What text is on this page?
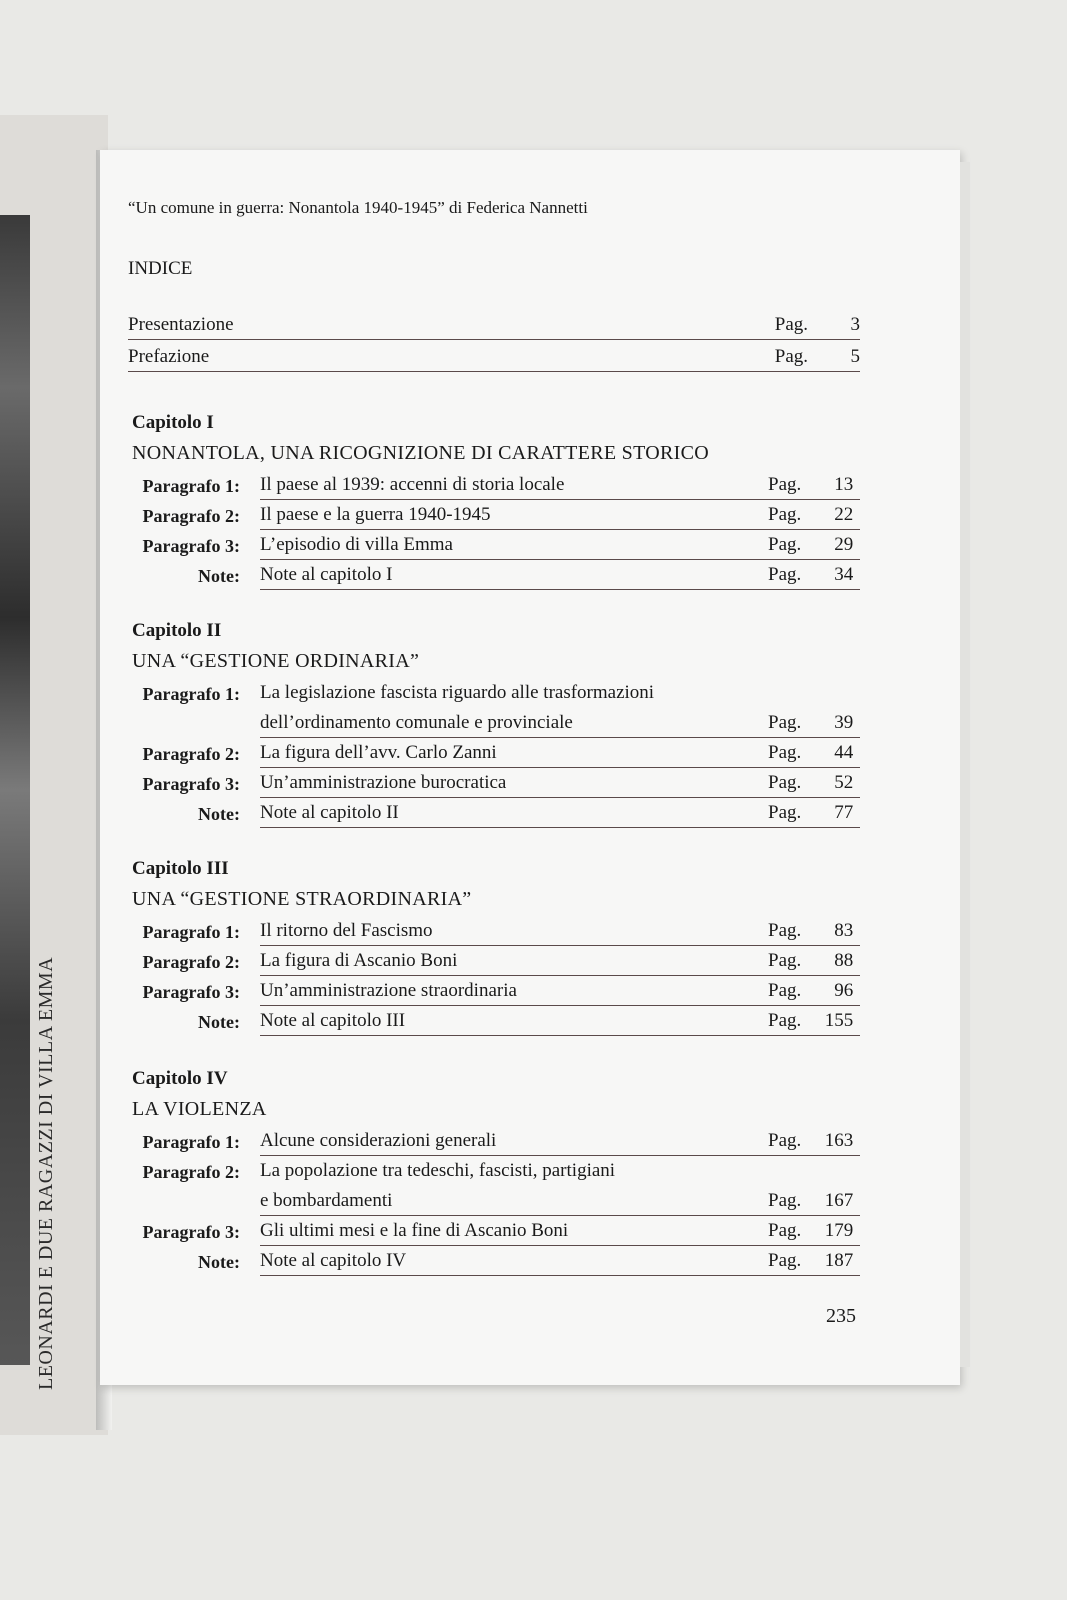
LEONARDI E DUE RAGAZZI DI VILLA EMMA
“Un comune in guerra: Nonantola 1940-1945” di Federica Nannetti
INDICE
Presentazione	Pag. 3
Prefazione	Pag. 5
Capitolo I
NONANTOLA, UNA RICOGNIZIONE DI CARATTERE STORICO
Paragrafo 1: Il paese al 1939: accenni di storia locale	Pag. 13
Paragrafo 2: Il paese e la guerra 1940-1945	Pag. 22
Paragrafo 3: L’episodio di villa Emma	Pag. 29
Note: Note al capitolo I	Pag. 34
Capitolo II
UNA “GESTIONE ORDINARIA”
Paragrafo 1: La legislazione fascista riguardo alle trasformazioni
dell’ordinamento comunale e provinciale	Pag. 39
Paragrafo 2: La figura dell’avv. Carlo Zanni	Pag. 44
Paragrafo 3: Un’amministrazione burocratica	Pag. 52
Note: Note al capitolo II	Pag. 77
Capitolo III
UNA “GESTIONE STRAORDINARIA”
Paragrafo 1: Il ritorno del Fascismo	Pag. 83
Paragrafo 2: La figura di Ascanio Boni	Pag. 88
Paragrafo 3: Un’amministrazione straordinaria	Pag. 96
Note: Note al capitolo III	Pag. 155
Capitolo IV
LA VIOLENZA
Paragrafo 1: Alcune considerazioni generali	Pag. 163
Paragrafo 2: La popolazione tra tedeschi, fascisti, partigiani
e bombardamenti	Pag. 167
Paragrafo 3: Gli ultimi mesi e la fine di Ascanio Boni	Pag. 179
Note: Note al capitolo IV	Pag. 187
235
